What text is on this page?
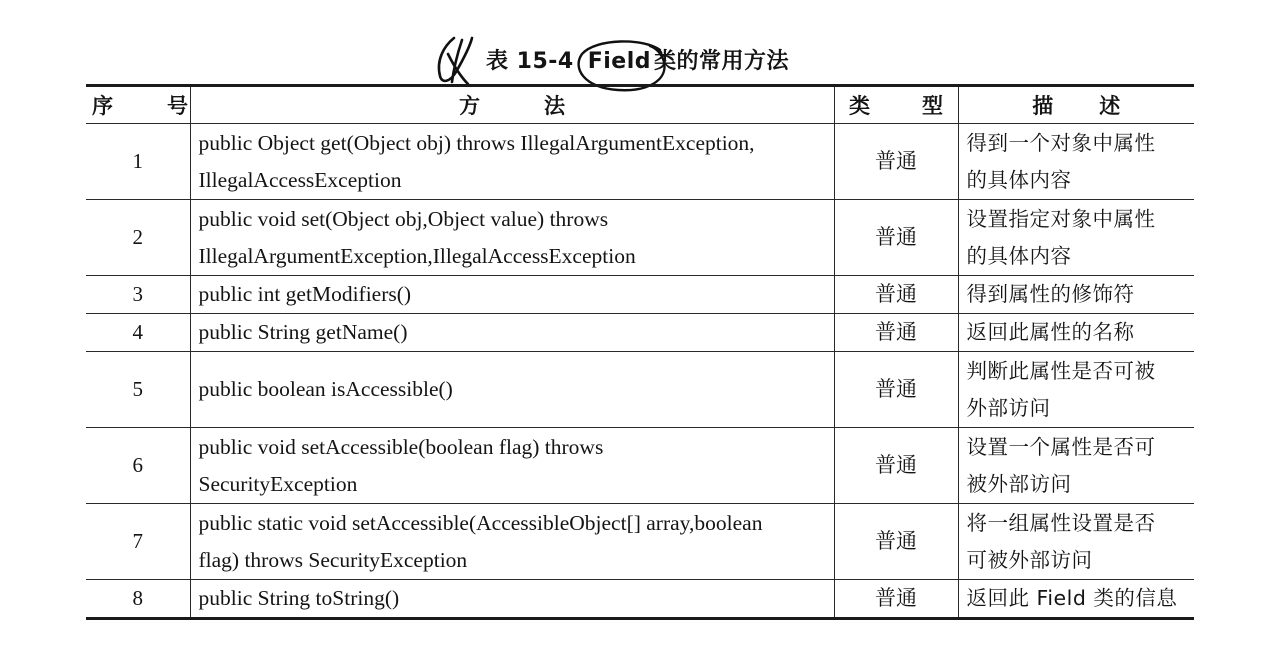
表 15-4 Field 类的常用方法
序 号	方 法	类 型	描 述
1	public Object get(Object obj) throws IllegalArgumentException,
IllegalAccessException	普通	得到一个对象中属性
的具体内容

2	public void set(Object obj,Object value) throws
IllegalArgumentException,IllegalAccessException	普通	设置指定对象中属性
的具体内容

3	public int getModifiers()	普通	得到属性的修饰符

4	public String getName()	普通	返回此属性的名称

5	public boolean isAccessible()	普通	判断此属性是否可被
外部访问

6	public void setAccessible(boolean flag) throws
SecurityException	普通	设置一个属性是否可
被外部访问

7	public static void setAccessible(AccessibleObject[] array,boolean
flag) throws SecurityException	普通	将一组属性设置是否
可被外部访问

8	public String toString()	普通	返回此 Field 类的信息
